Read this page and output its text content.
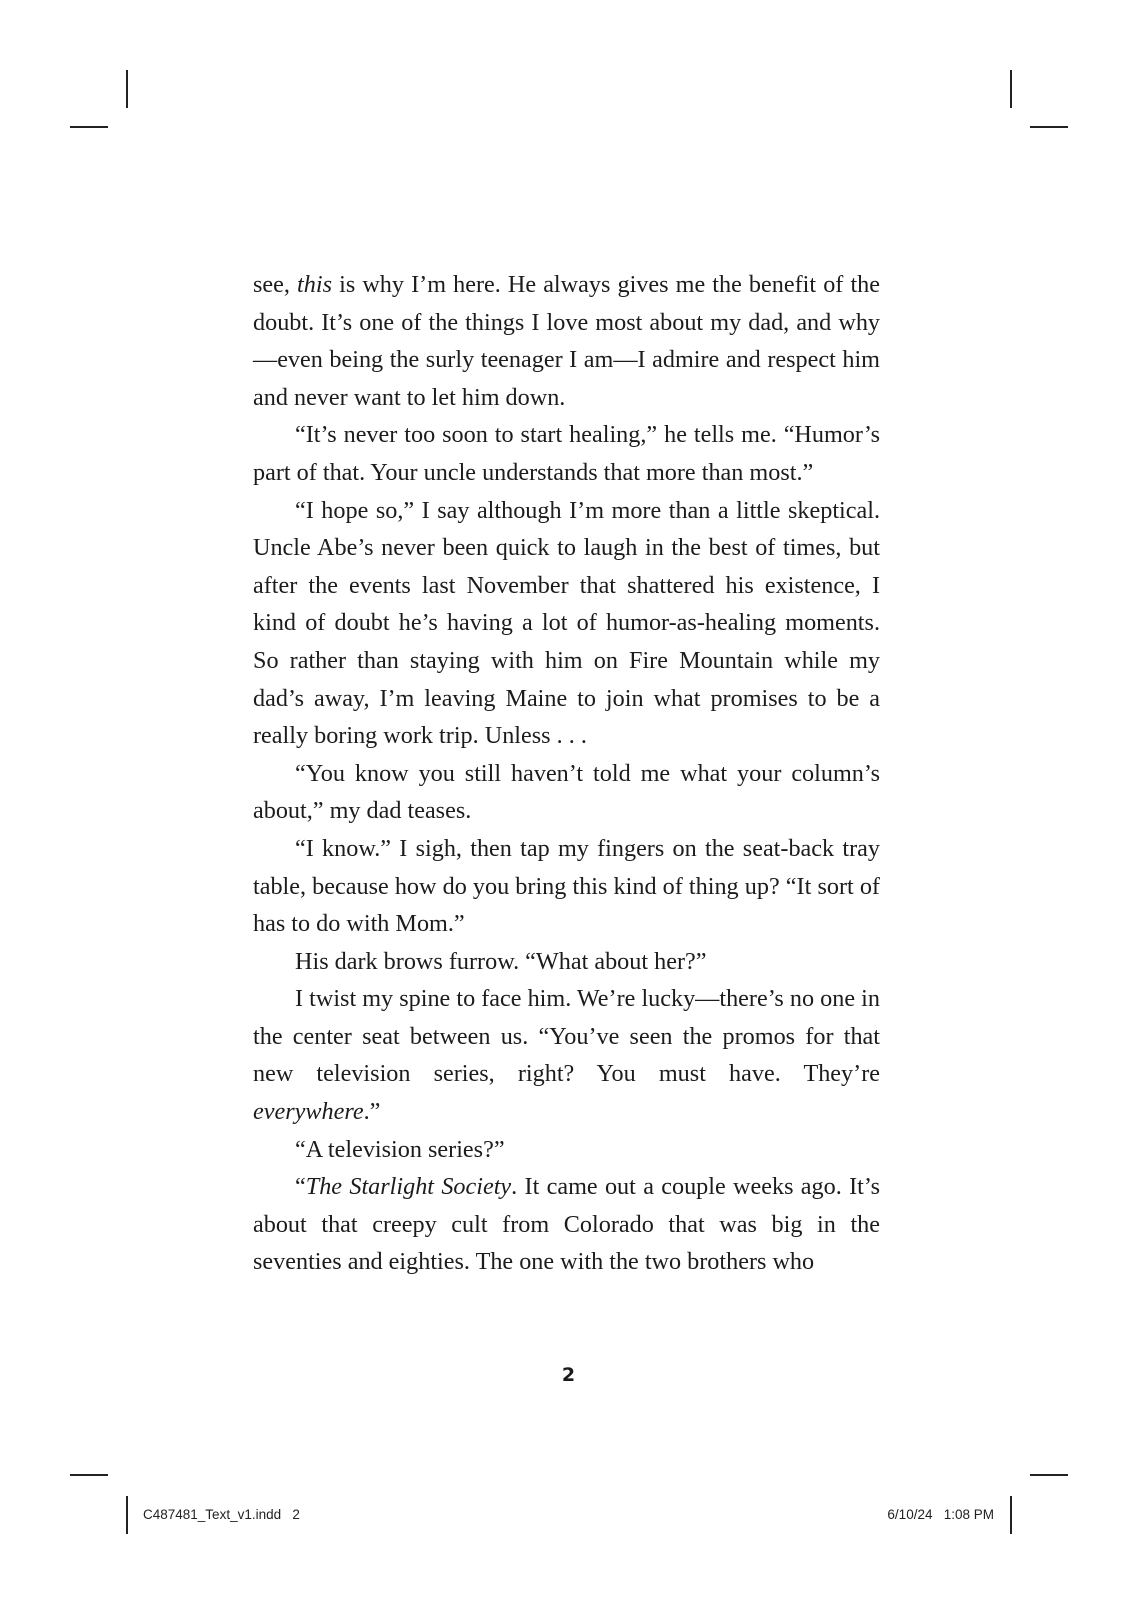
see, this is why I’m here. He always gives me the benefit of the doubt. It’s one of the things I love most about my dad, and why—even being the surly teenager I am—I admire and respect him and never want to let him down.

“It’s never too soon to start healing,” he tells me. “Humor’s part of that. Your uncle understands that more than most.”

“I hope so,” I say although I’m more than a little skeptical. Uncle Abe’s never been quick to laugh in the best of times, but after the events last November that shattered his existence, I kind of doubt he’s having a lot of humor-as-healing moments. So rather than staying with him on Fire Mountain while my dad’s away, I’m leaving Maine to join what promises to be a really boring work trip. Unless . . .

“You know you still haven’t told me what your column’s about,” my dad teases.

“I know.” I sigh, then tap my fingers on the seat-back tray table, because how do you bring this kind of thing up? “It sort of has to do with Mom.”

His dark brows furrow. “What about her?”

I twist my spine to face him. We’re lucky—there’s no one in the center seat between us. “You’ve seen the promos for that new television series, right? You must have. They’re everywhere.”

“A television series?”

“The Starlight Society. It came out a couple weeks ago. It’s about that creepy cult from Colorado that was big in the seventies and eighties. The one with the two brothers who

2
C487481_Text_v1.indd   2	6/10/24   1:08 PM
